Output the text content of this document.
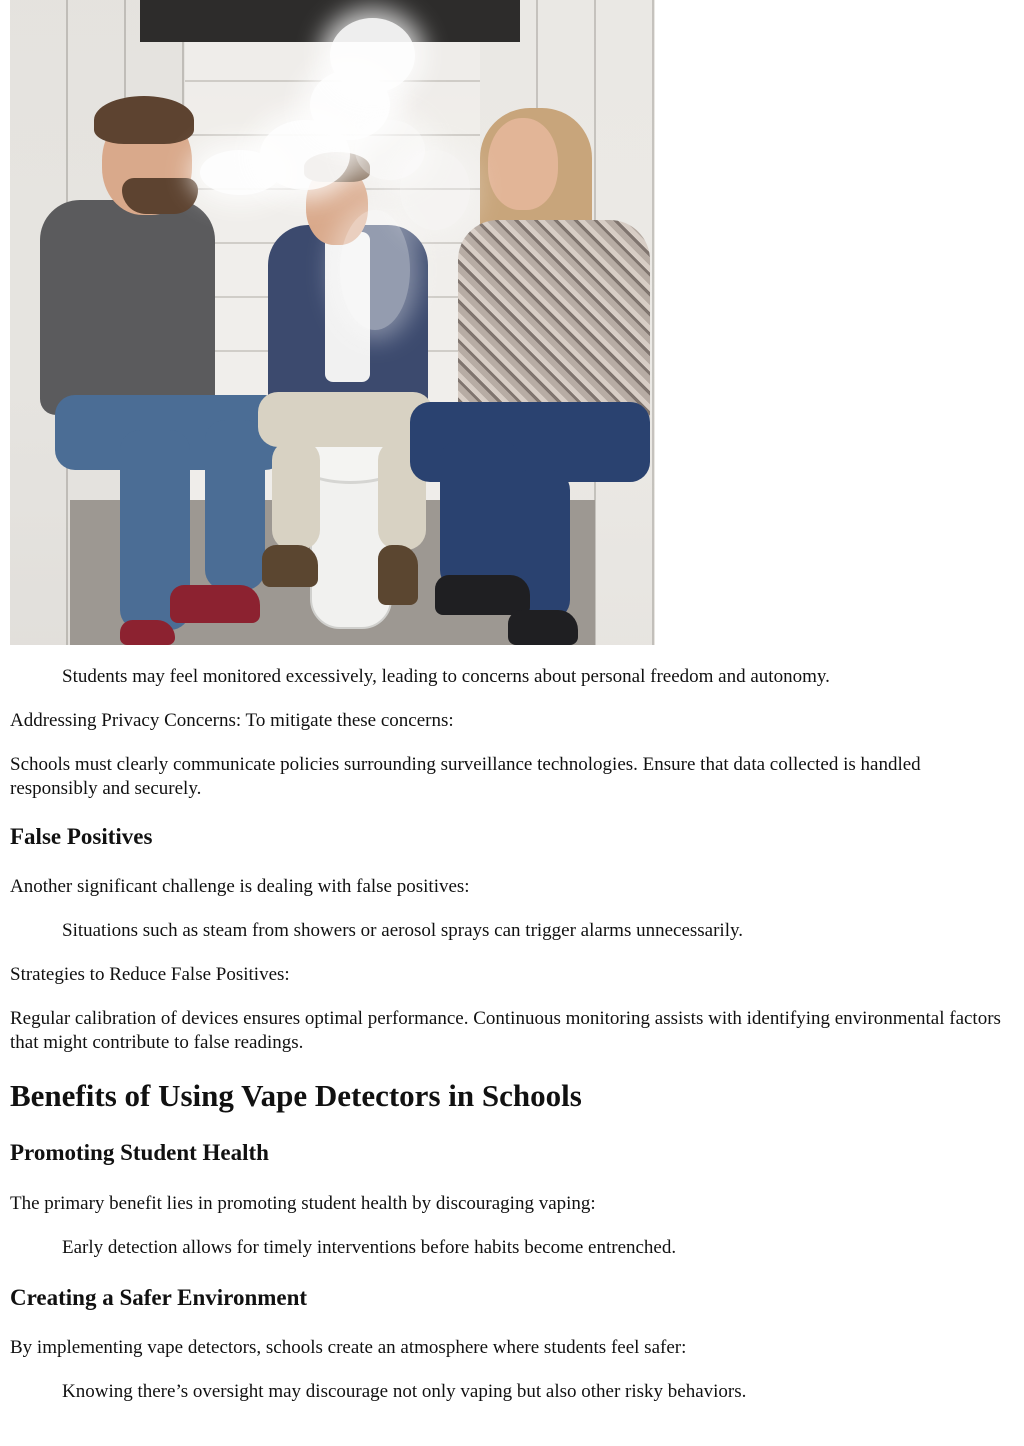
Students may feel monitored excessively, leading to concerns about personal freedom and autonomy.

Addressing Privacy Concerns: To mitigate these concerns:

Schools must clearly communicate policies surrounding surveillance technologies. Ensure that data collected is handled responsibly and securely.

False Positives

Another significant challenge is dealing with false positives:

Situations such as steam from showers or aerosol sprays can trigger alarms unnecessarily.

Strategies to Reduce False Positives:

Regular calibration of devices ensures optimal performance. Continuous monitoring assists with identifying environmental factors that might contribute to false readings.

Benefits of Using Vape Detectors in Schools
Promoting Student Health

The primary benefit lies in promoting student health by discouraging vaping:

Early detection allows for timely interventions before habits become entrenched.

Creating a Safer Environment

By implementing vape detectors, schools create an atmosphere where students feel safer:

Knowing there’s oversight may discourage not only vaping but also other risky behaviors.
